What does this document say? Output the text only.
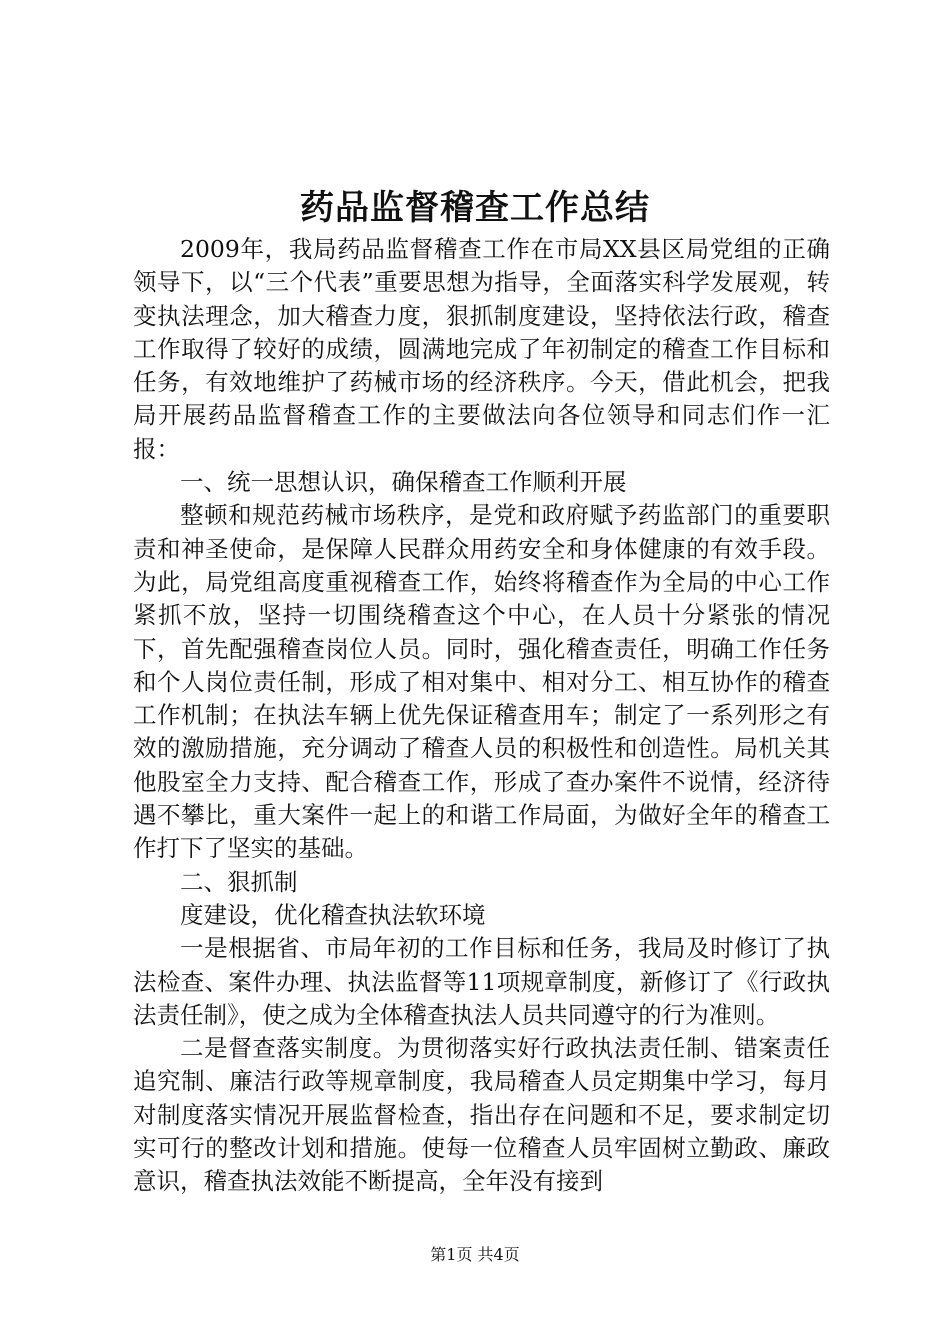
药品监督稽查工作总结

2009年，我局药品监督稽查工作在市局XX县区局党组的正确领导下，以“三个代表”重要思想为指导，全面落实科学发展观，转变执法理念，加大稽查力度，狠抓制度建设，坚持依法行政，稽查工作取得了较好的成绩，圆满地完成了年初制定的稽查工作目标和任务，有效地维护了药械市场的经济秩序。今天，借此机会，把我局开展药品监督稽查工作的主要做法向各位领导和同志们作一汇报：

一、统一思想认识，确保稽查工作顺利开展

整顿和规范药械市场秩序，是党和政府赋予药监部门的重要职责和神圣使命，是保障人民群众用药安全和身体健康的有效手段。为此，局党组高度重视稽查工作，始终将稽查作为全局的中心工作紧抓不放，坚持一切围绕稽查这个中心，在人员十分紧张的情况下，首先配强稽查岗位人员。同时，强化稽查责任，明确工作任务和个人岗位责任制，形成了相对集中、相对分工、相互协作的稽查工作机制；在执法车辆上优先保证稽查用车；制定了一系列形之有效的激励措施，充分调动了稽查人员的积极性和创造性。局机关其他股室全力支持、配合稽查工作，形成了查办案件不说情，经济待遇不攀比，重大案件一起上的和谐工作局面，为做好全年的稽查工作打下了坚实的基础。

二、狠抓制

度建设，优化稽查执法软环境

一是根据省、市局年初的工作目标和任务，我局及时修订了执法检查、案件办理、执法监督等11项规章制度，新修订了《行政执法责任制》，使之成为全体稽查执法人员共同遵守的行为准则。

二是督查落实制度。为贯彻落实好行政执法责任制、错案责任追究制、廉洁行政等规章制度，我局稽查人员定期集中学习，每月对制度落实情况开展监督检查，指出存在问题和不足，要求制定切实可行的整改计划和措施。使每一位稽查人员牢固树立勤政、廉政意识，稽查执法效能不断提高，全年没有接到

第1页 共4页
